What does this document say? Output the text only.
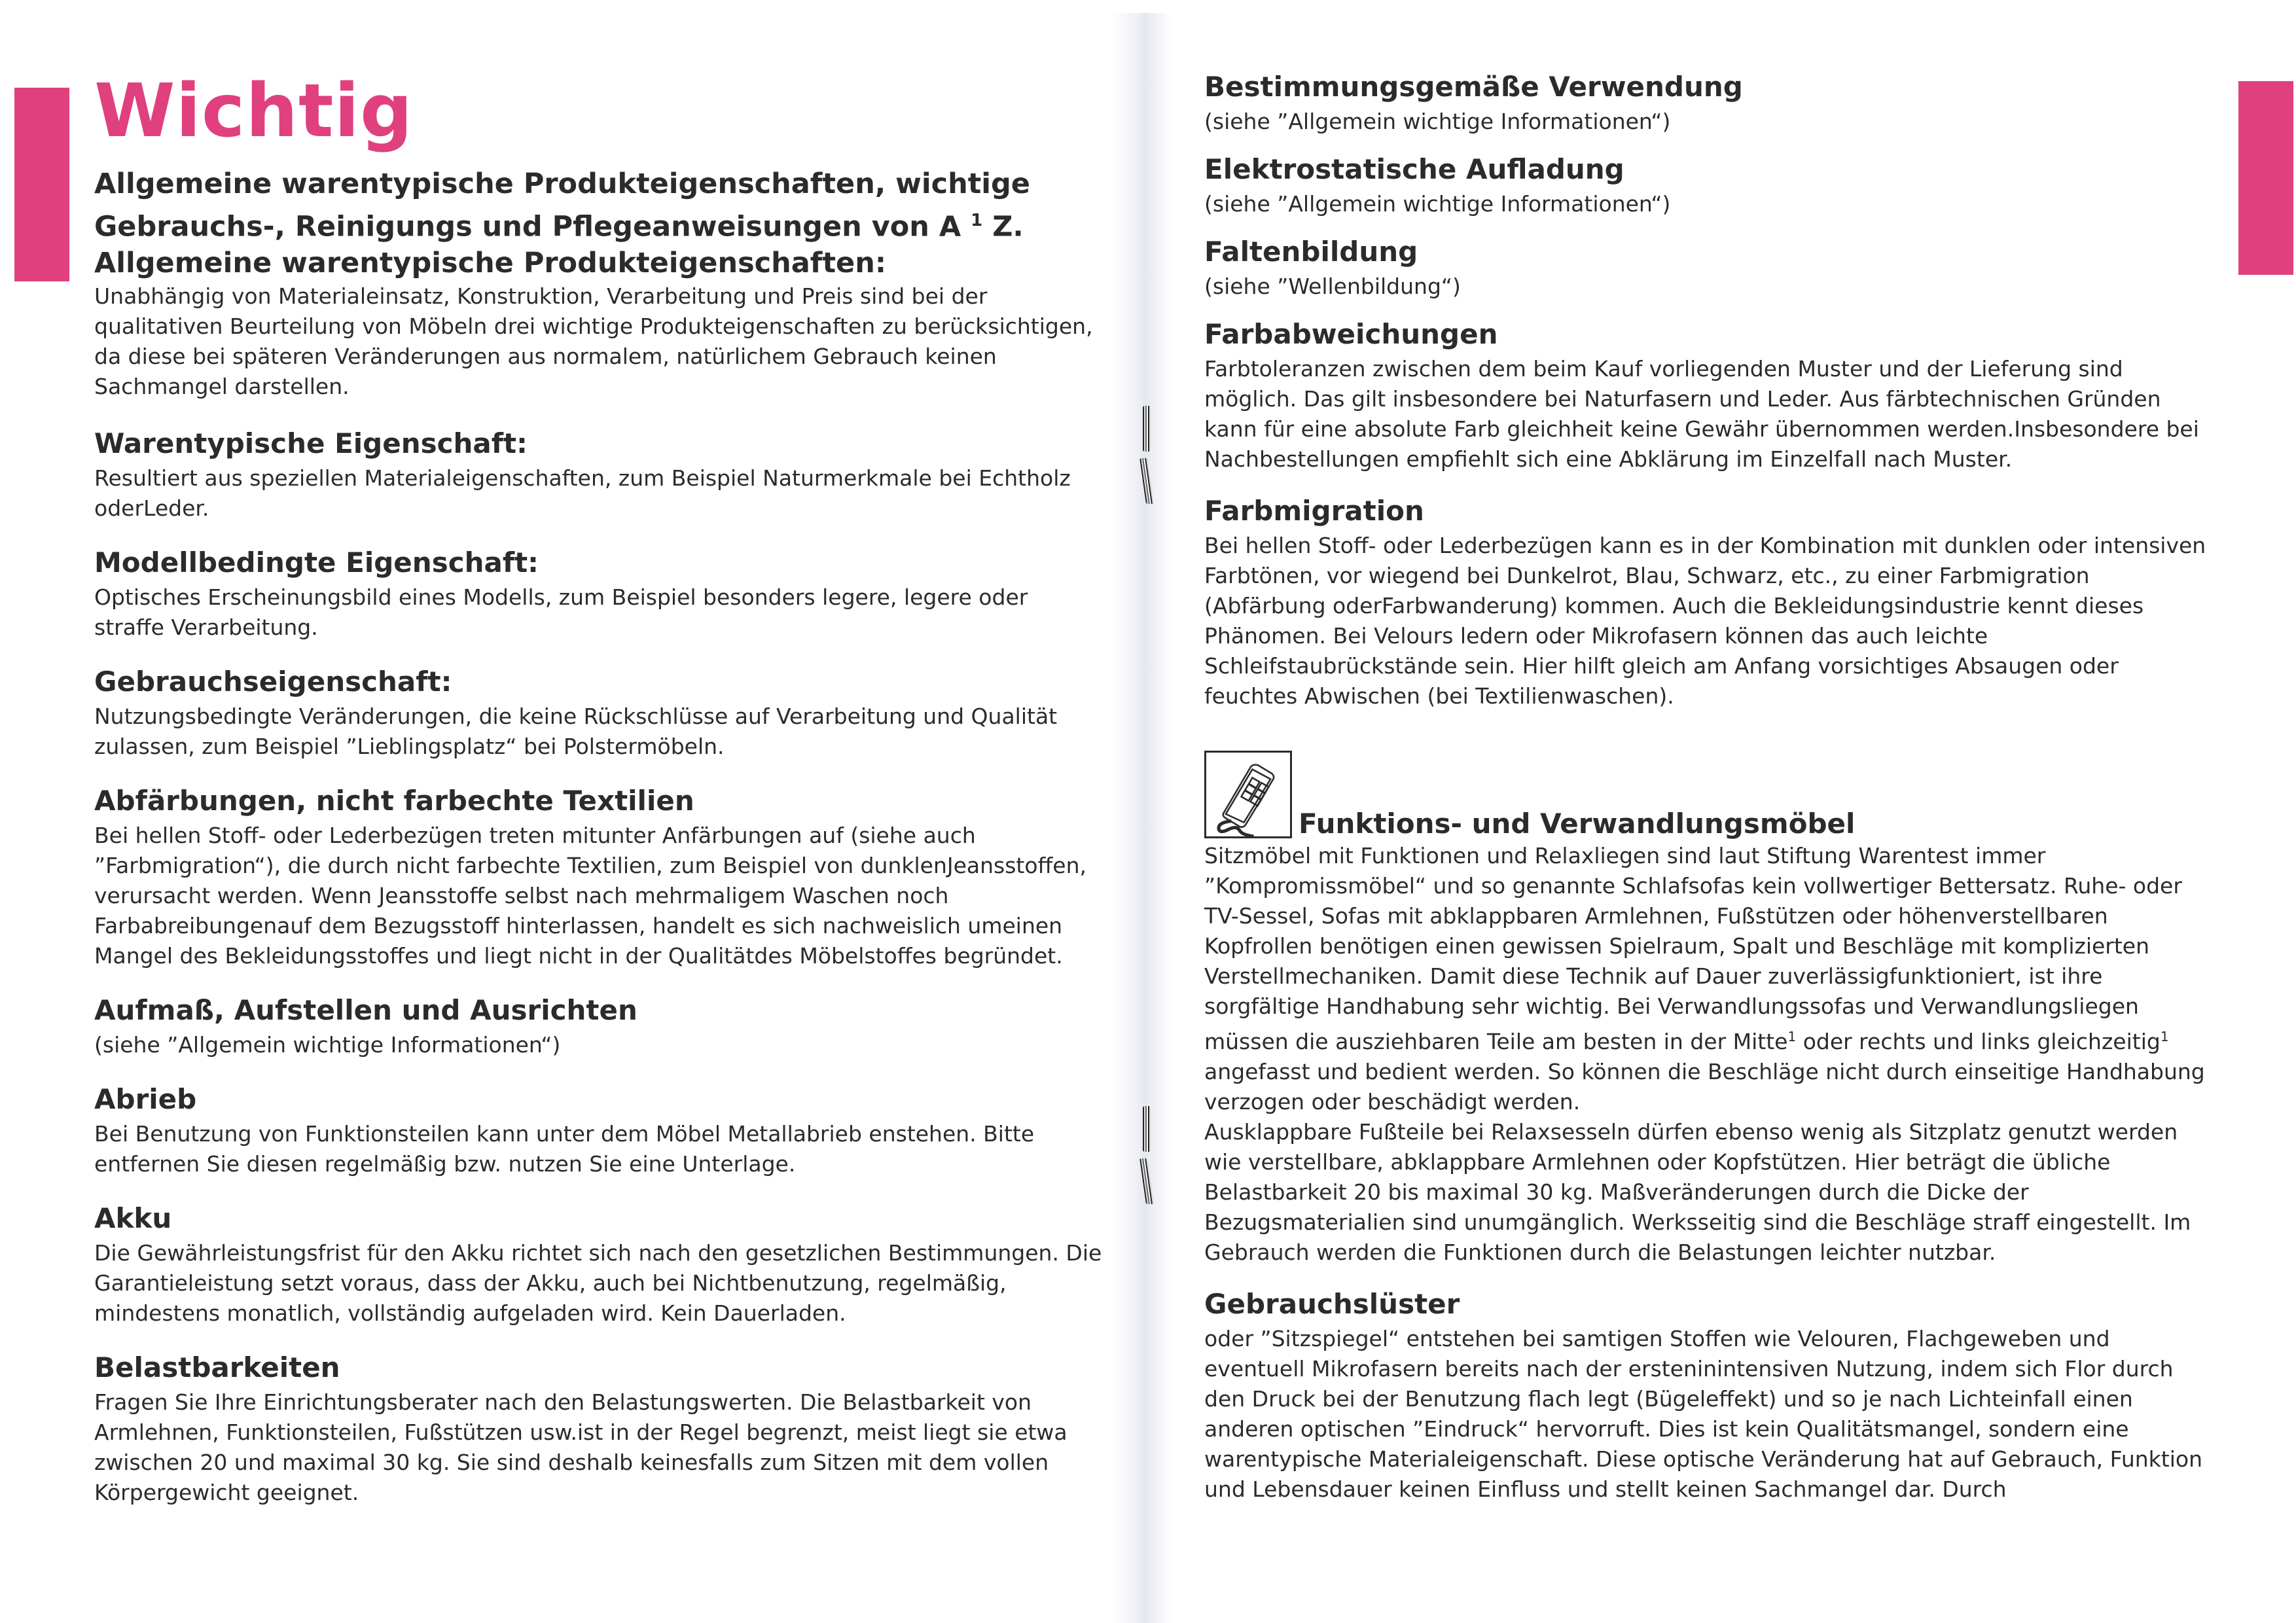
Wichtig

Allgemeine warentypische Produkteigenschaften, wichtige

Gebrauchs-, Reinigungs und Pflegeanweisungen von A $^1$ Z.

Allgemeine warentypische Produkteigenschaften:

Unabhängig von Materialeinsatz, Konstruktion, Verarbeitung und Preis sind bei der qualitativen Beurteilung von Möbeln drei wichtige Produkteigenschaften zu berücksichtigen, da diese bei späteren Veränderungen aus normalem, natürlichem Gebrauch keinen Sachmangel darstellen.

Warentypische Eigenschaft:

Resultiert aus speziellen Materialeigenschaften, zum Beispiel Naturmerkmale bei Echtholz oderLeder.

Modellbedingte Eigenschaft:

Optisches Erscheinungsbild eines Modells, zum Beispiel besonders legere, legere oder straffe Verarbeitung.

Gebrauchseigenschaft:

Nutzungsbedingte Veränderungen, die keine Rückschlüsse auf Verarbeitung und Qualität zulassen, zum Beispiel ”Lieblingsplatz“ bei Polstermöbeln.

Abfärbungen, nicht farbechte Textilien

Bei hellen Stoff- oder Lederbezügen treten mitunter Anfärbungen auf (siehe auch ”Farbmigration“), die durch nicht farbechte Textilien, zum Beispiel von dunklenJeansstoffen, verursacht werden. Wenn Jeansstoffe selbst nach mehrmaligem Waschen noch Farbabreibungenauf dem Bezugsstoff hinterlassen, handelt es sich nachweislich umeinen Mangel des Bekleidungsstoffes und liegt nicht in der Qualitätdes Möbelstoffes begründet.

Aufmaß, Aufstellen und Ausrichten

(siehe ”Allgemein wichtige Informationen“)

Abrieb

Bei Benutzung von Funktionsteilen kann unter dem Möbel Metallabrieb enstehen. Bitte entfernen Sie diesen regelmäßig bzw. nutzen Sie eine Unterlage.

Akku

Die Gewährleistungsfrist für den Akku richtet sich nach den gesetzlichen Bestimmungen. Die Garantieleistung setzt voraus, dass der Akku, auch bei Nichtbenutzung, regelmäßig, mindestens monatlich, vollständig aufgeladen wird. Kein Dauerladen.

Belastbarkeiten

Fragen Sie Ihre Einrichtungsberater nach den Belastungswerten. Die Belastbarkeit von Armlehnen, Funktionsteilen, Fußstützen usw.ist in der Regel begrenzt, meist liegt sie etwa zwischen 20 und maximal 30 kg. Sie sind deshalb keinesfalls zum Sitzen mit dem vollen Körpergewicht geeignet.

Bestimmungsgemäße Verwendung

(siehe ”Allgemein wichtige Informationen“)

Elektrostatische Aufladung

(siehe ”Allgemein wichtige Informationen“)

Faltenbildung

(siehe ”Wellenbildung“)

Farbabweichungen

Farbtoleranzen zwischen dem beim Kauf vorliegenden Muster und der Lieferung sind möglich. Das gilt insbesondere bei Naturfasern und Leder. Aus färbtechnischen Gründen kann für eine absolute Farb gleichheit keine Gewähr übernommen werden.Insbesondere bei Nachbestellungen empfiehlt sich eine Abklärung im Einzelfall nach Muster.

Farbmigration

Bei hellen Stoff- oder Lederbezügen kann es in der Kombination mit dunklen oder intensiven Farbtönen, vor wiegend bei Dunkelrot, Blau, Schwarz, etc., zu einer Farbmigration (Abfärbung oderFarbwanderung) kommen. Auch die Bekleidungsindustrie kennt dieses Phänomen. Bei Velours ledern oder Mikrofasern können das auch leichte Schleifstaubrückstände sein. Hier hilft gleich am Anfang vorsichtiges Absaugen oder feuchtes Abwischen (bei Textilienwaschen).

Funktions- und Verwandlungsmöbel

Sitzmöbel mit Funktionen und Relaxliegen sind laut Stiftung Warentest immer ”Kompromissmöbel“ und so genannte Schlafsofas kein vollwertiger Bettersatz. Ruhe- oder TV-Sessel, Sofas mit abklappbaren Armlehnen, Fußstützen oder höhenverstellbaren Kopfrollen benötigen einen gewissen Spielraum, Spalt und Beschläge mit komplizierten Verstellmechaniken. Damit diese Technik auf Dauer zuverlässigfunktioniert, ist ihre sorgfältige Handhabung sehr wichtig. Bei Verwandlungssofas und Verwandlungsliegen müssen die ausziehbaren Teile am besten in der Mitte$^1$ oder rechts und links gleichzeitig$^1$ angefasst und bedient werden. So können die Beschläge nicht durch einseitige Handhabung verzogen oder beschädigt werden.

Ausklappbare Fußteile bei Relaxsesseln dürfen ebenso wenig als Sitzplatz genutzt werden wie verstellbare, abklappbare Armlehnen oder Kopfstützen. Hier beträgt die übliche Belastbarkeit 20 bis maximal 30 kg. Maßveränderungen durch die Dicke der Bezugsmaterialien sind unumgänglich. Werksseitig sind die Beschläge straff eingestellt. Im Gebrauch werden die Funktionen durch die Belastungen leichter nutzbar.

Gebrauchslüster

oder ”Sitzspiegel“ entstehen bei samtigen Stoffen wie Velouren, Flachgeweben und eventuell Mikrofasern bereits nach der ersteninintensiven Nutzung, indem sich Flor durch den Druck bei der Benutzung flach legt (Bügeleffekt) und so je nach Lichteinfall einen anderen optischen ”Eindruck“ hervorruft. Dies ist kein Qualitätsmangel, sondern eine warentypische Materialeigenschaft. Diese optische Veränderung hat auf Gebrauch, Funktion und Lebensdauer keinen Einfluss und stellt keinen Sachmangel dar. Durch
